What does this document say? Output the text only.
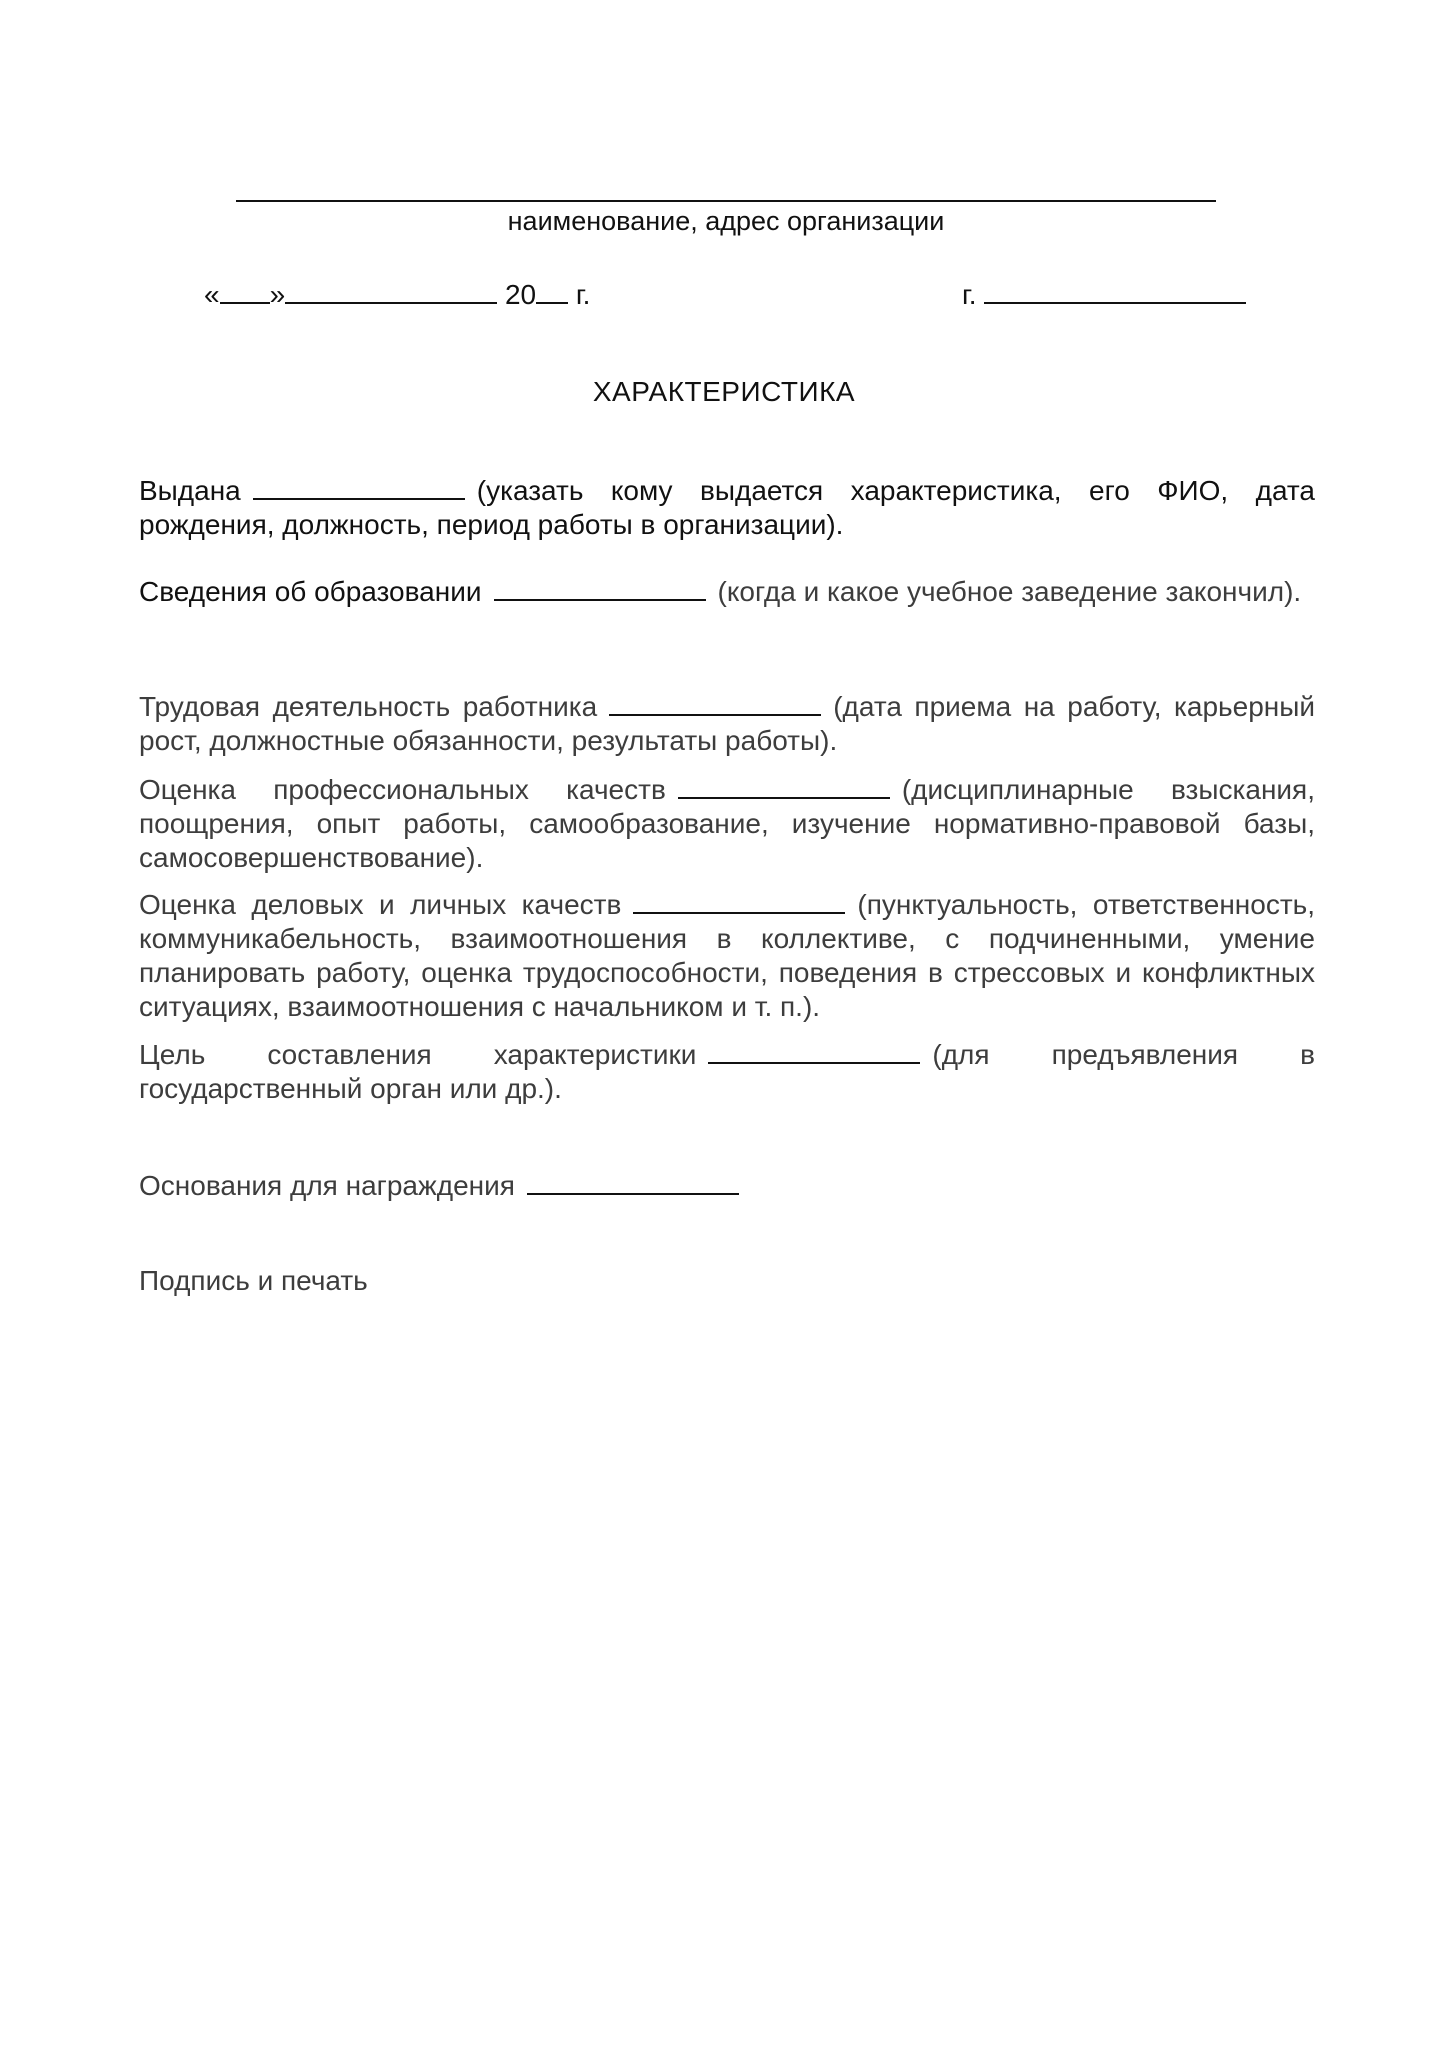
наименование, адрес организации
« »	20 г.	г.
ХАРАКТЕРИСТИКА
Выдана	(указать кому выдается характеристика, его ФИО, дата рождения, должность, период работы в организации).
Сведения об образовании	(когда и какое учебное заведение закончил).
Трудовая деятельность работника	(дата приема на работу, карьерный рост, должностные обязанности, результаты работы).
Оценка профессиональных качеств	(дисциплинарные взыскания, поощрения, опыт работы, самообразование, изучение нормативно-правовой базы, самосовершенствование).
Оценка деловых и личных качеств	(пунктуальность, ответственность, коммуникабельность, взаимоотношения в коллективе, с подчиненными, умение планировать работу, оценка трудоспособности, поведения в стрессовых и конфликтных ситуациях, взаимоотношения с начальником и т. п.).
Цель составления характеристики	(для предъявления в государственный орган или др.).
Основания для награждения
Подпись и печать
